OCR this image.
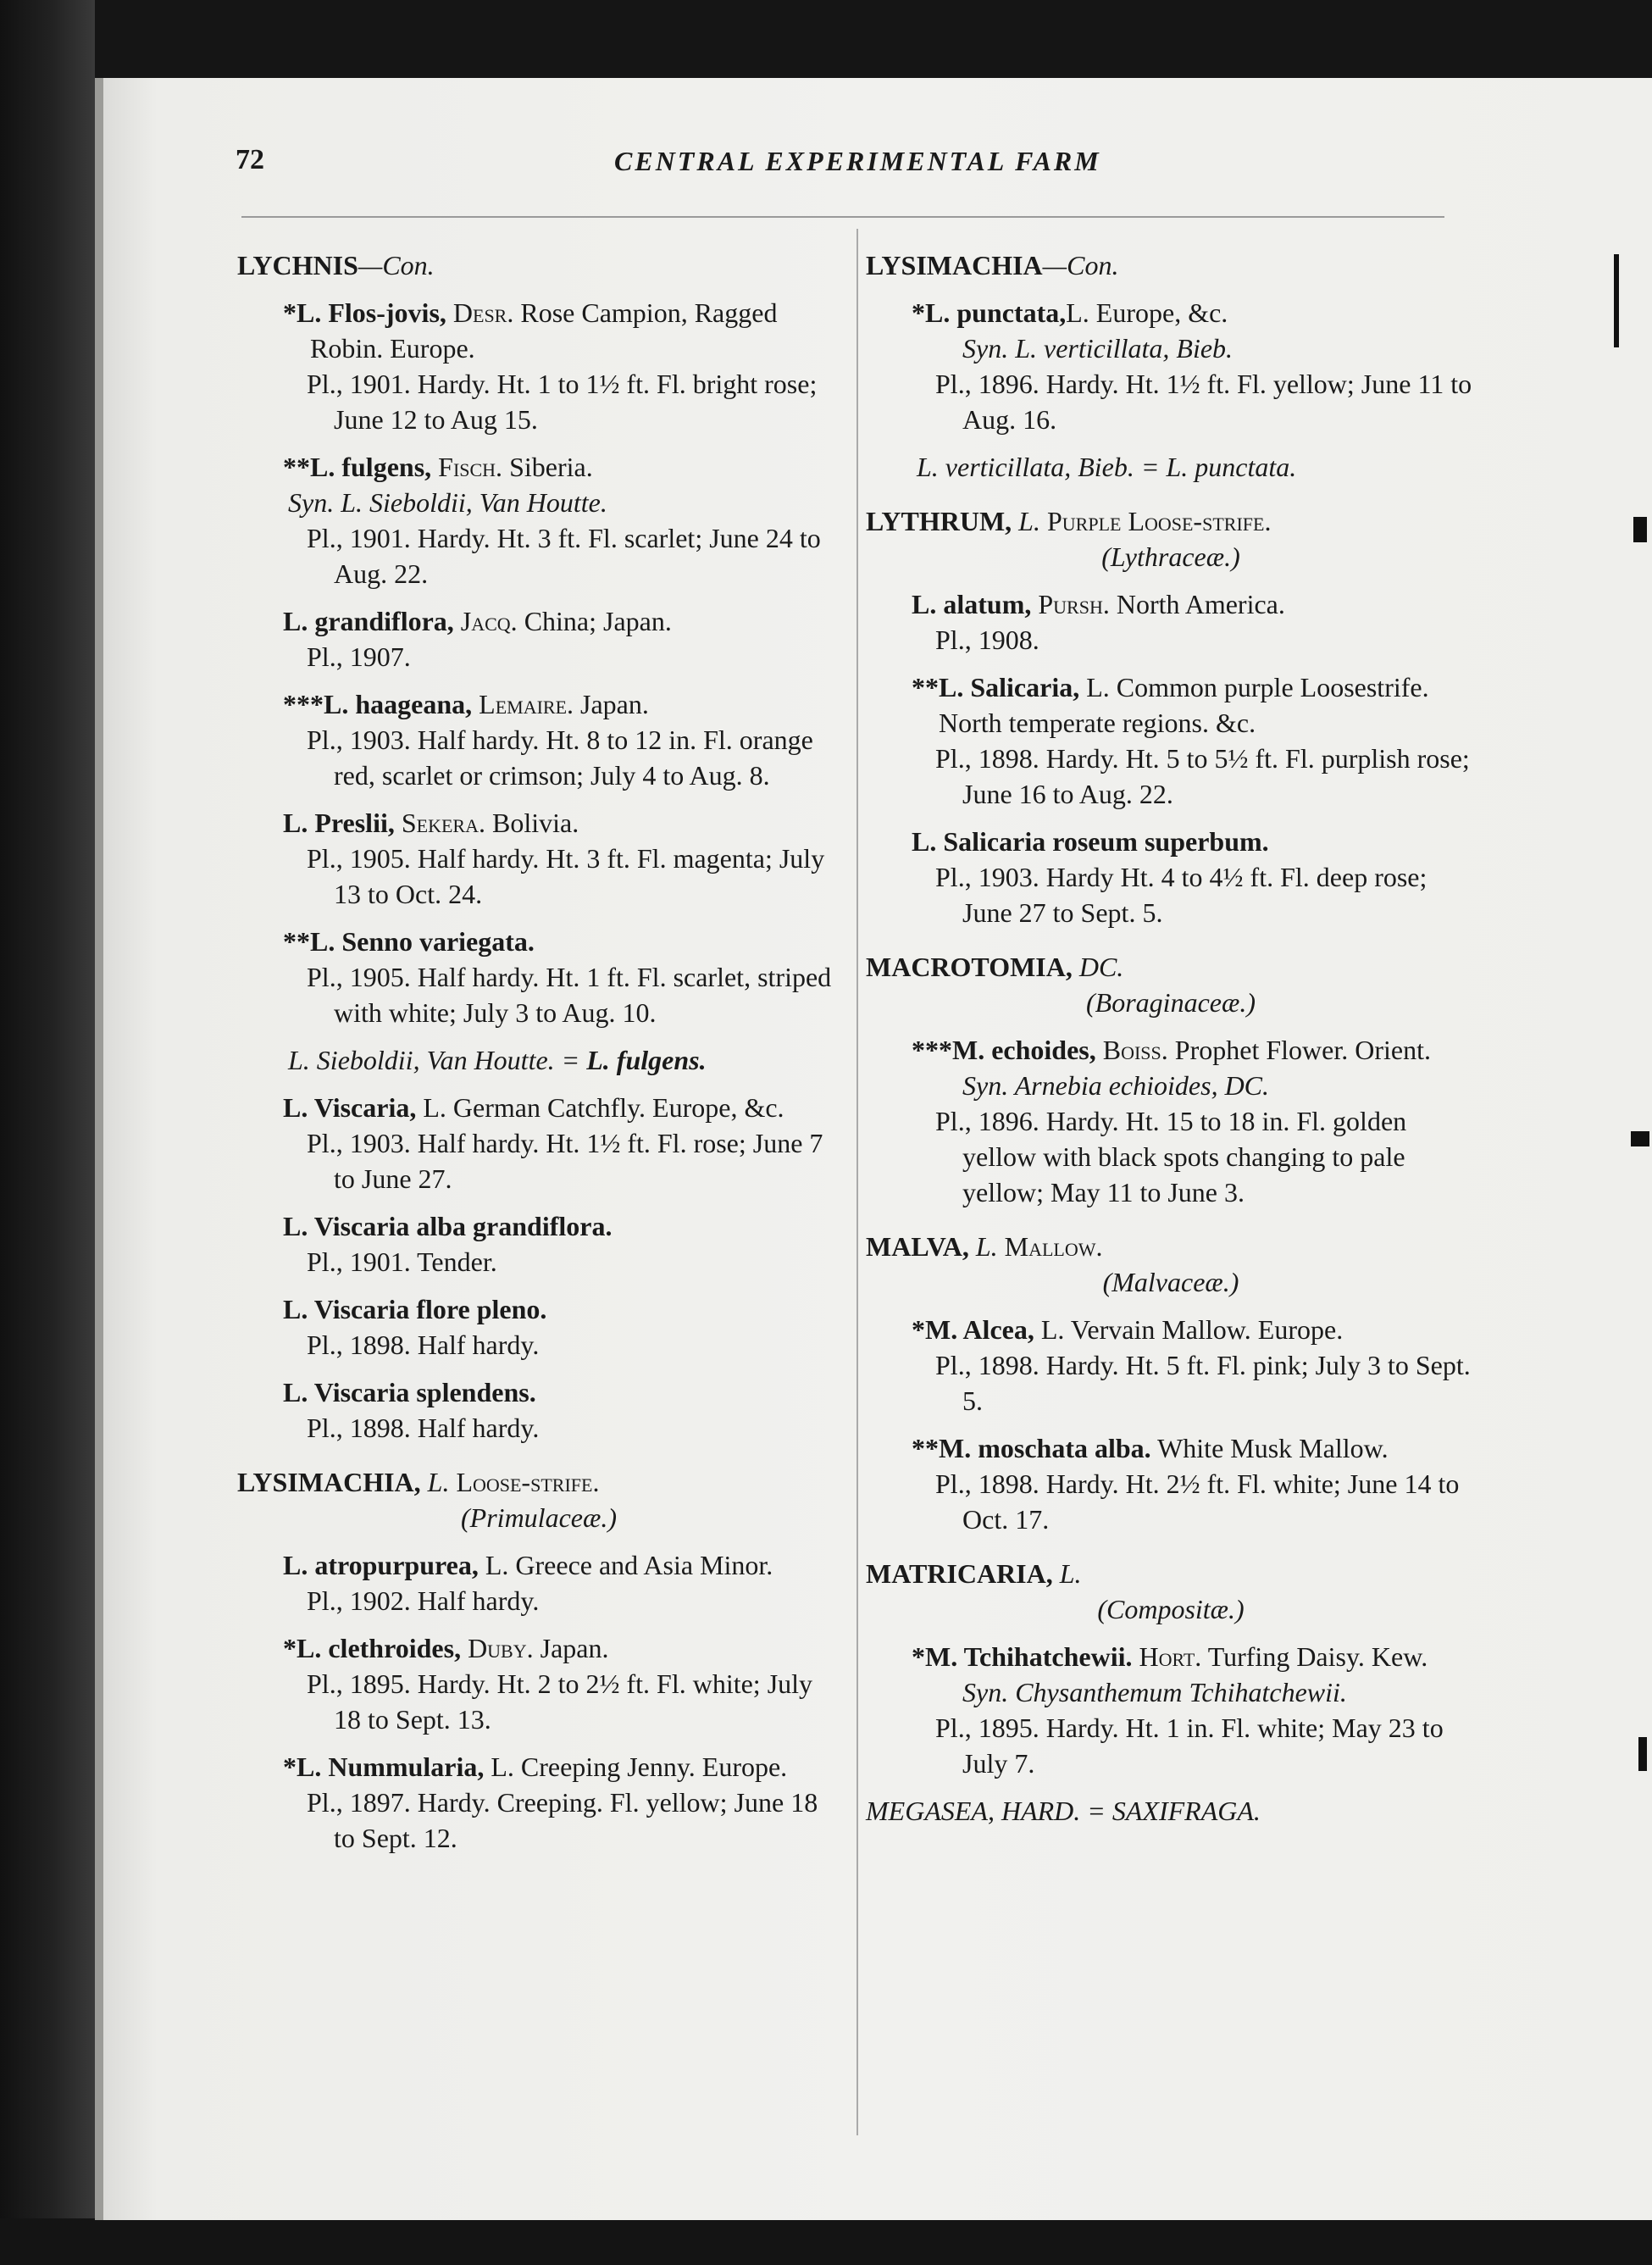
72	CENTRAL EXPERIMENTAL FARM
LYCHNIS—Con.
*L. Flos-jovis, Desr. Rose Campion, Ragged Robin. Europe.
Pl., 1901. Hardy. Ht. 1 to 1½ ft. Fl. bright rose; June 12 to Aug 15.
**L. fulgens, Fisch. Siberia.
Syn. L. Sieboldii, Van Houtte.
Pl., 1901. Hardy. Ht. 3 ft. Fl. scarlet; June 24 to Aug. 22.
L. grandiflora, Jacq. China; Japan.
Pl., 1907.
***L. haageana, Lemaire. Japan.
Pl., 1903. Half hardy. Ht. 8 to 12 in. Fl. orange red, scarlet or crimson; July 4 to Aug. 8.
L. Preslii, Sekera. Bolivia.
Pl., 1905. Half hardy. Ht. 3 ft. Fl. magenta; July 13 to Oct. 24.
**L. Senno variegata.
Pl., 1905. Half hardy. Ht. 1 ft. Fl. scarlet, striped with white; July 3 to Aug. 10.
L. Sieboldii, Van Houtte. = L. fulgens.
L. Viscaria, L. German Catchfly. Europe, &c.
Pl., 1903. Half hardy. Ht. 1½ ft. Fl. rose; June 7 to June 27.
L. Viscaria alba grandiflora.
Pl., 1901. Tender.
L. Viscaria flore pleno.
Pl., 1898. Half hardy.
L. Viscaria splendens.
Pl., 1898. Half hardy.
LYSIMACHIA, L. Loose-strife.
(Primulaceæ.)
L. atropurpurea, L. Greece and Asia Minor.
Pl., 1902. Half hardy.
*L. clethroides, Duby. Japan.
Pl., 1895. Hardy. Ht. 2 to 2½ ft. Fl. white; July 18 to Sept. 13.
*L. Nummularia, L. Creeping Jenny. Europe.
Pl., 1897. Hardy. Creeping. Fl. yellow; June 18 to Sept. 12.
LYSIMACHIA—Con.
*L. punctata,L. Europe, &c.
Syn. L. verticillata, Bieb.
Pl., 1896. Hardy. Ht. 1½ ft. Fl. yellow; June 11 to Aug. 16.
L. verticillata, Bieb. = L. punctata.
LYTHRUM, L. Purple Loose-strife.
(Lythraceæ.)
L. alatum, Pursh. North America.
Pl., 1908.
**L. Salicaria, L. Common purple Loosestrife. North temperate regions. &c.
Pl., 1898. Hardy. Ht. 5 to 5½ ft. Fl. purplish rose; June 16 to Aug. 22.
L. Salicaria roseum superbum.
Pl., 1903. Hardy Ht. 4 to 4½ ft. Fl. deep rose; June 27 to Sept. 5.
MACROTOMIA, DC.
(Boraginaceæ.)
***M. echoides, Boiss. Prophet Flower. Orient.
Syn. Arnebia echioides, DC.
Pl., 1896. Hardy. Ht. 15 to 18 in. Fl. golden yellow with black spots changing to pale yellow; May 11 to June 3.
MALVA, L. Mallow.
(Malvaceæ.)
*M. Alcea, L. Vervain Mallow. Europe.
Pl., 1898. Hardy. Ht. 5 ft. Fl. pink; July 3 to Sept. 5.
**M. moschata alba. White Musk Mallow.
Pl., 1898. Hardy. Ht. 2½ ft. Fl. white; June 14 to Oct. 17.
MATRICARIA, L.
(Compositæ.)
*M. Tchihatchewii. Hort. Turfing Daisy. Kew.
Syn. Chysanthemum Tchihatchewii.
Pl., 1895. Hardy. Ht. 1 in. Fl. white; May 23 to July 7.
MEGASEA, HARD. = SAXIFRAGA.
